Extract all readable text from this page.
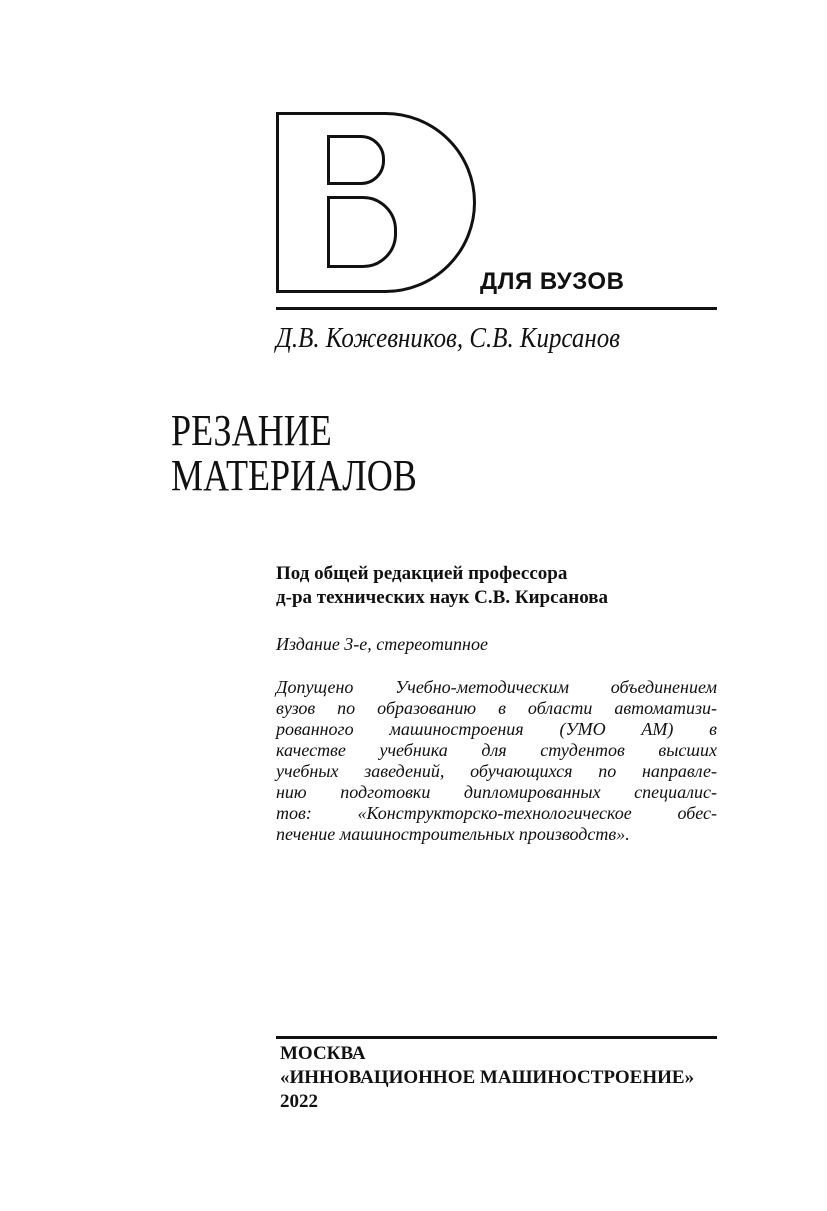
ДЛЯ ВУЗОВ
Д.В. Кожевников, С.В. Кирсанов
РЕЗАНИЕ
МАТЕРИАЛОВ
Под общей редакцией профессора
д-ра технических наук С.В. Кирсанова
Издание 3-е, стереотипное
Допущено Учебно-методическим объединением
вузов по образованию в области автоматизи-
рованного машиностроения (УМО АМ) в
качестве учебника для студентов высших
учебных заведений, обучающихся по направле-
нию подготовки дипломированных специалис-
тов: «Конструкторско-технологическое обес-
печение машиностроительных производств».
МОСКВА
«ИННОВАЦИОННОЕ МАШИНОСТРОЕНИЕ»
2022
